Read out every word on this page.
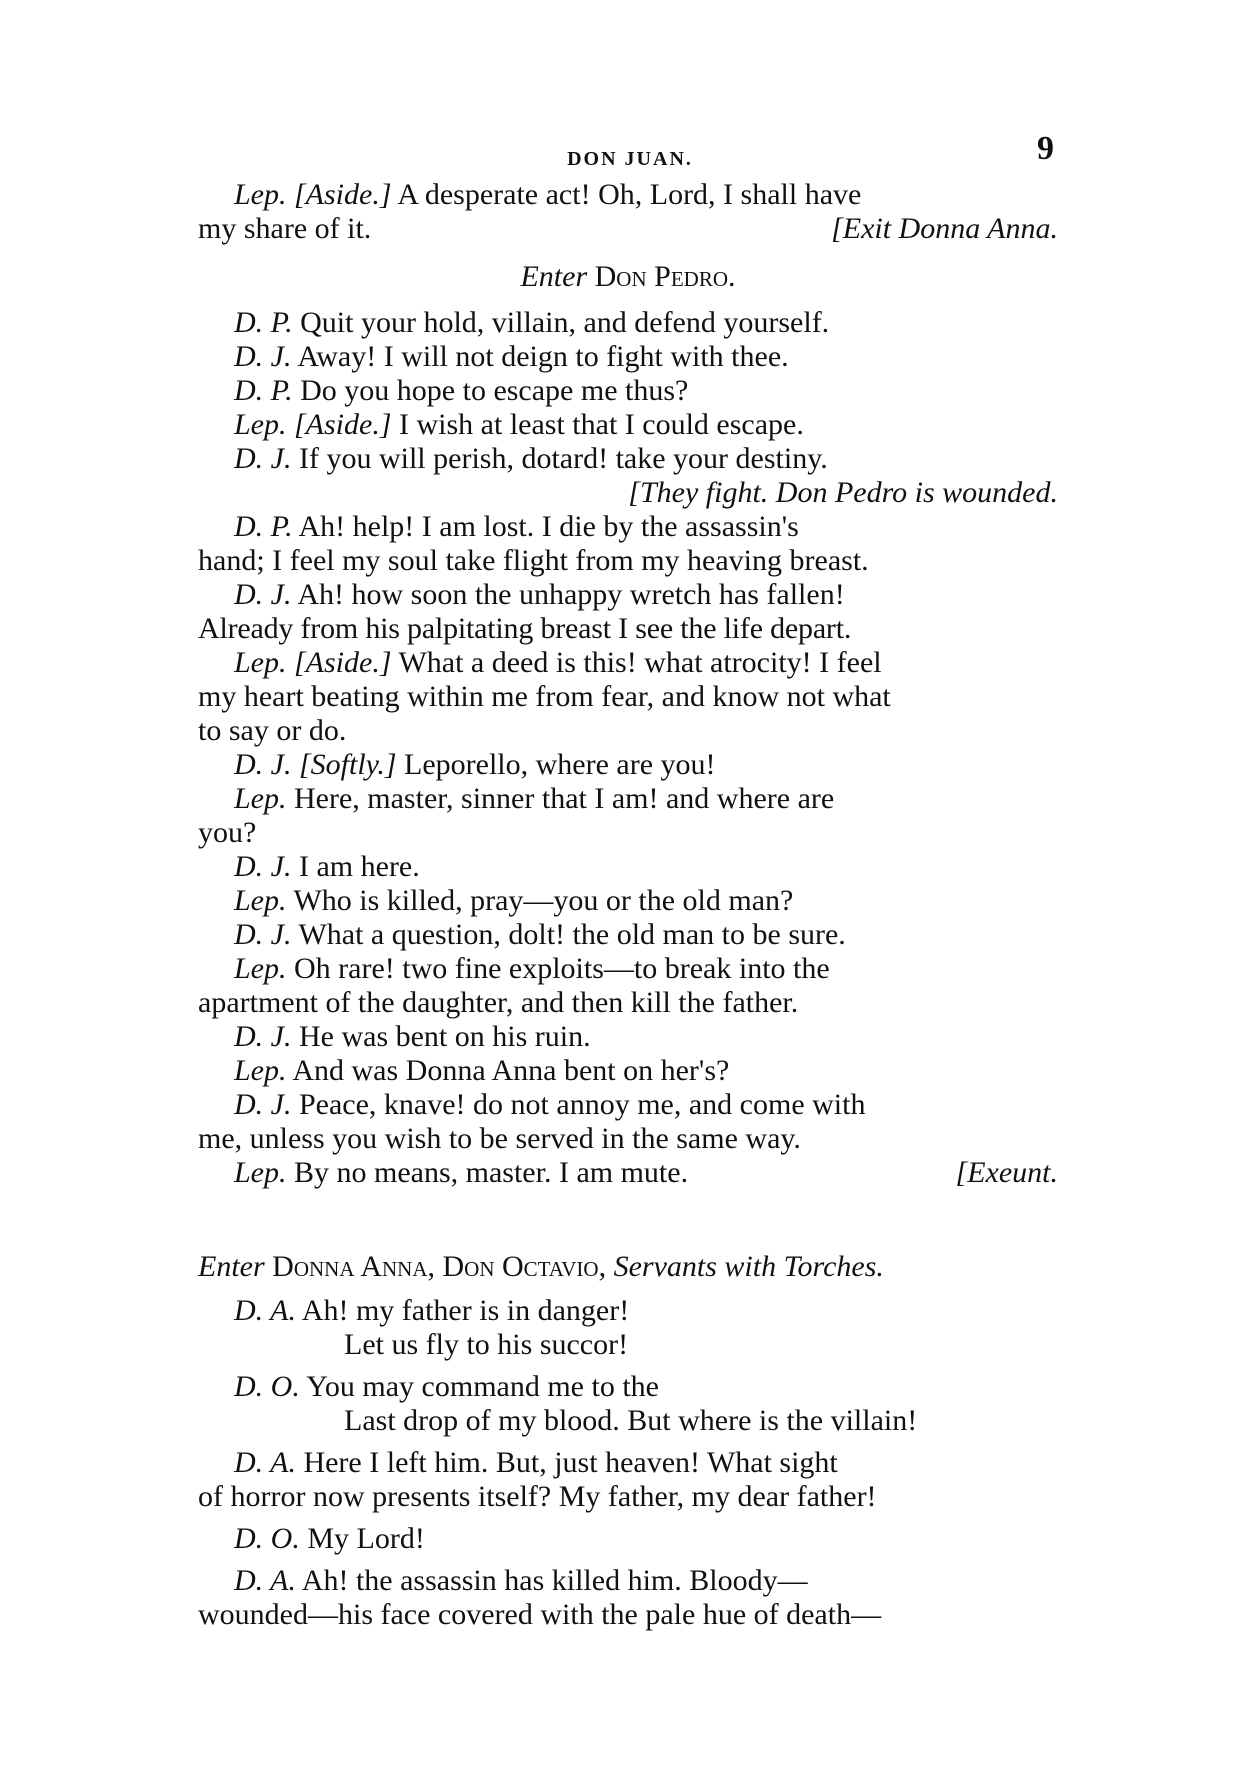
DON JUAN.	9

Lep. [Aside.] A desperate act! Oh, Lord, I shall have

my share of it.	[Exit Donna Anna.

Enter Don Pedro.

D. P. Quit your hold, villain, and defend yourself.

D. J. Away! I will not deign to fight with thee.

D. P. Do you hope to escape me thus?

Lep. [Aside.] I wish at least that I could escape.

D. J. If you will perish, dotard! take your destiny.

[They fight. Don Pedro is wounded.

D. P. Ah! help! I am lost. I die by the assassin's

hand; I feel my soul take flight from my heaving breast.

D. J. Ah! how soon the unhappy wretch has fallen!

Already from his palpitating breast I see the life depart.

Lep. [Aside.] What a deed is this! what atrocity! I feel

my heart beating within me from fear, and know not what

to say or do.

D. J. [Softly.] Leporello, where are you!

Lep. Here, master, sinner that I am! and where are

you?

D. J. I am here.

Lep. Who is killed, pray—you or the old man?

D. J. What a question, dolt! the old man to be sure.

Lep. Oh rare! two fine exploits—to break into the

apartment of the daughter, and then kill the father.

D. J. He was bent on his ruin.

Lep. And was Donna Anna bent on her's?

D. J. Peace, knave! do not annoy me, and come with

me, unless you wish to be served in the same way.

Lep. By no means, master. I am mute.	[Exeunt.

Enter Donna Anna, Don Octavio, Servants with Torches.

D. A. Ah! my father is in danger!
Let us fly to his succor!
D. O. You may command me to the
Last drop of my blood. But where is the villain!

D. A. Here I left him. But, just heaven! What sight

of horror now presents itself? My father, my dear father!

D. O. My Lord!

D. A. Ah! the assassin has killed him. Bloody—

wounded—his face covered with the pale hue of death—
